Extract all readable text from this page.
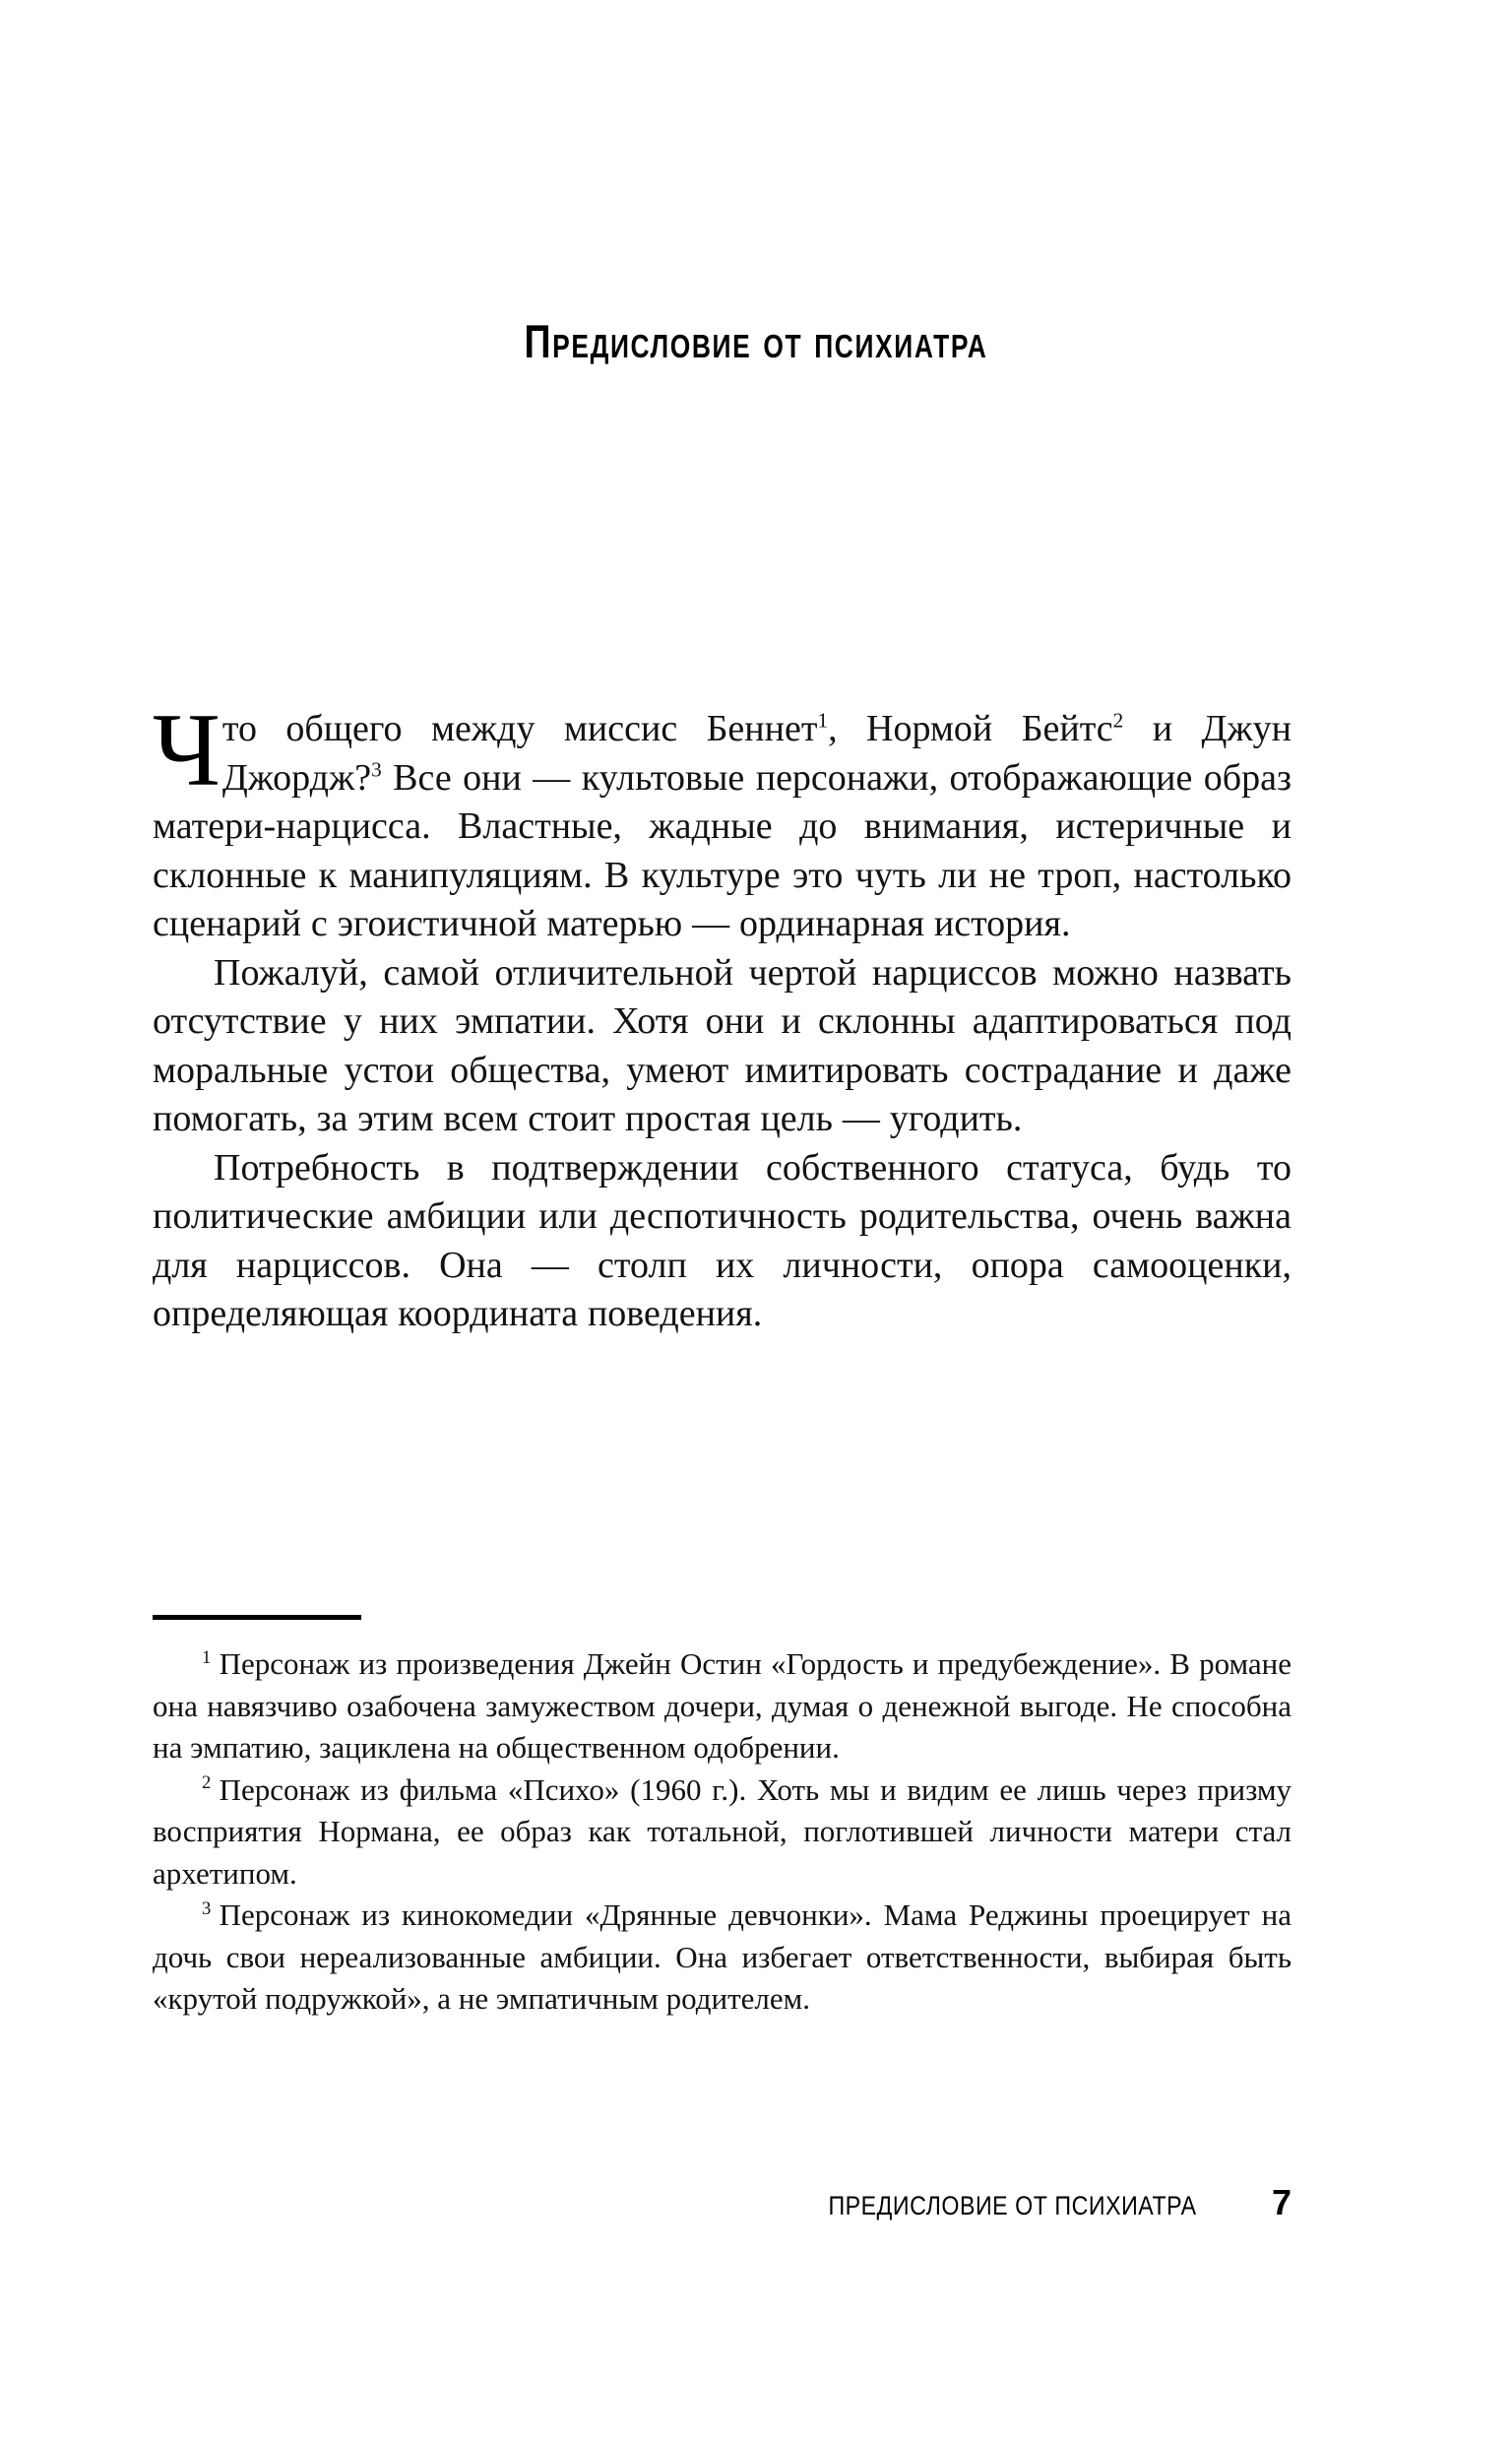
Предисловие от психиатра

Что общего между миссис Беннет$^1$, Нормой Бейтс$^2$ и Джун Джордж?$^3$ Все они — культовые персонажи, отображающие образ матери-нарцисса. Властные, жадные до внимания, истеричные и склонные к манипуляциям. В культуре это чуть ли не троп, настолько сценарий с эгоистичной матерью — ординарная история.

Пожалуй, самой отличительной чертой нарциссов можно назвать отсутствие у них эмпатии. Хотя они и склонны адаптироваться под моральные устои общества, умеют имитировать сострадание и даже помогать, за этим всем стоит простая цель — угодить.

Потребность в подтверждении собственного статуса, будь то политические амбиции или деспотичность родительства, очень важна для нарциссов. Она — столп их личности, опора самооценки, определяющая координата поведения.

$^1$ Персонаж из произведения Джейн Остин «Гордость и предубеждение». В романе она навязчиво озабочена замужеством дочери, думая о денежной выгоде. Не способна на эмпатию, зациклена на общественном одобрении.

$^2$ Персонаж из фильма «Психо» (1960 г.). Хоть мы и видим ее лишь через призму восприятия Нормана, ее образ как тотальной, поглотившей личности матери стал архетипом.

$^3$ Персонаж из кинокомедии «Дрянные девчонки». Мама Реджины проецирует на дочь свои нереализованные амбиции. Она избегает ответственности, выбирая быть «крутой подружкой», а не эмпатичным родителем.

ПРЕДИСЛОВИЕ ОТ ПСИХИАТРА 7
